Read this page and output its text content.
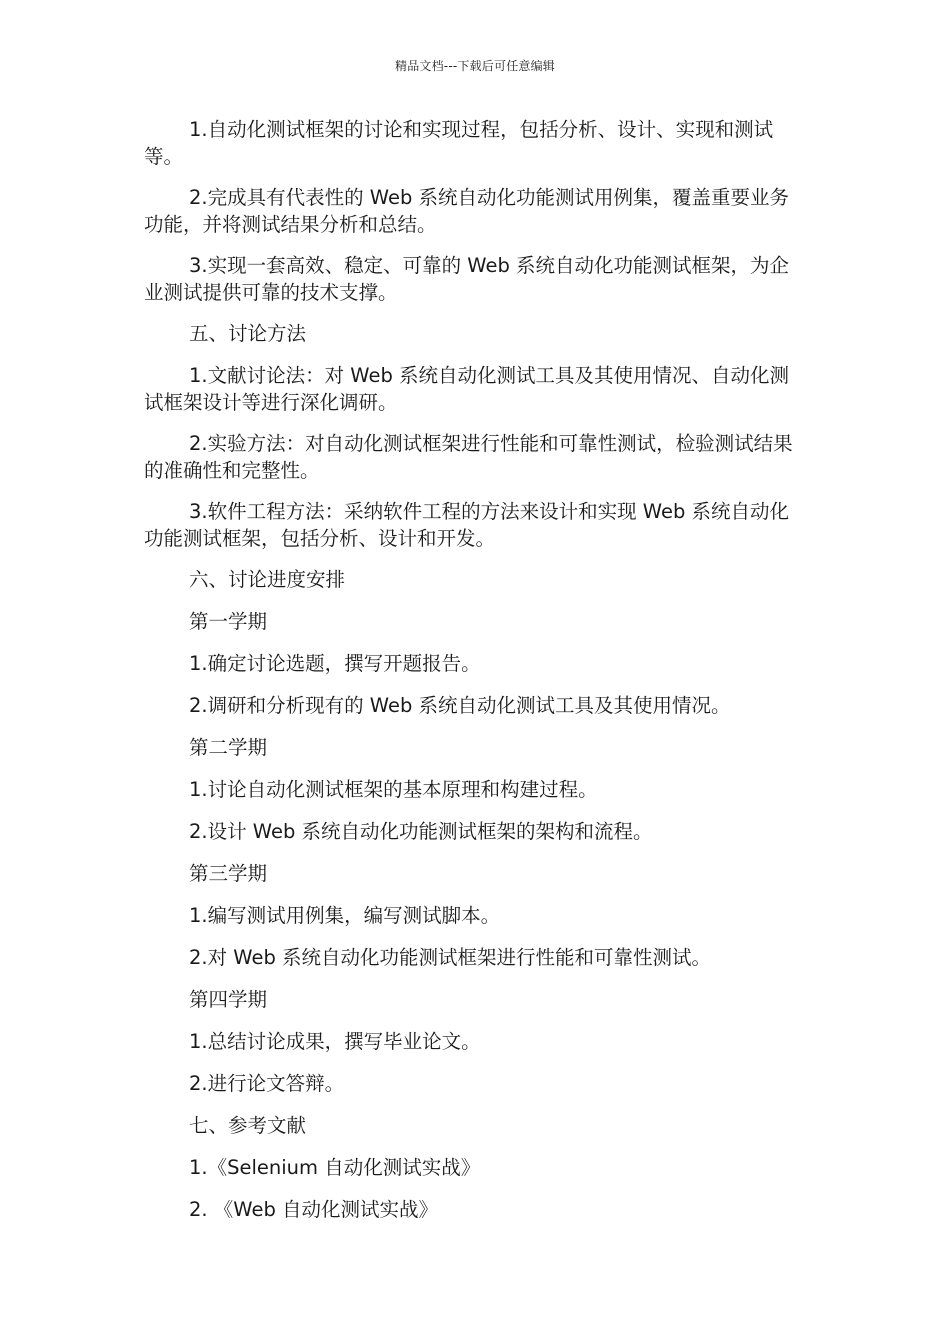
精品文档---下载后可任意编辑

1.自动化测试框架的讨论和实现过程，包括分析、设计、实现和测试等。

2.完成具有代表性的 Web 系统自动化功能测试用例集，覆盖重要业务功能，并将测试结果分析和总结。

3.实现一套高效、稳定、可靠的 Web 系统自动化功能测试框架，为企业测试提供可靠的技术支撑。

五、讨论方法

1.文献讨论法：对 Web 系统自动化测试工具及其使用情况、自动化测试框架设计等进行深化调研。

2.实验方法：对自动化测试框架进行性能和可靠性测试，检验测试结果的准确性和完整性。

3.软件工程方法：采纳软件工程的方法来设计和实现 Web 系统自动化功能测试框架，包括分析、设计和开发。

六、讨论进度安排

第一学期

1.确定讨论选题，撰写开题报告。

2.调研和分析现有的 Web 系统自动化测试工具及其使用情况。

第二学期

1.讨论自动化测试框架的基本原理和构建过程。

2.设计 Web 系统自动化功能测试框架的架构和流程。

第三学期

1.编写测试用例集，编写测试脚本。

2.对 Web 系统自动化功能测试框架进行性能和可靠性测试。

第四学期

1.总结讨论成果，撰写毕业论文。

2.进行论文答辩。

七、参考文献

1.《Selenium 自动化测试实战》

2. 《Web 自动化测试实战》
